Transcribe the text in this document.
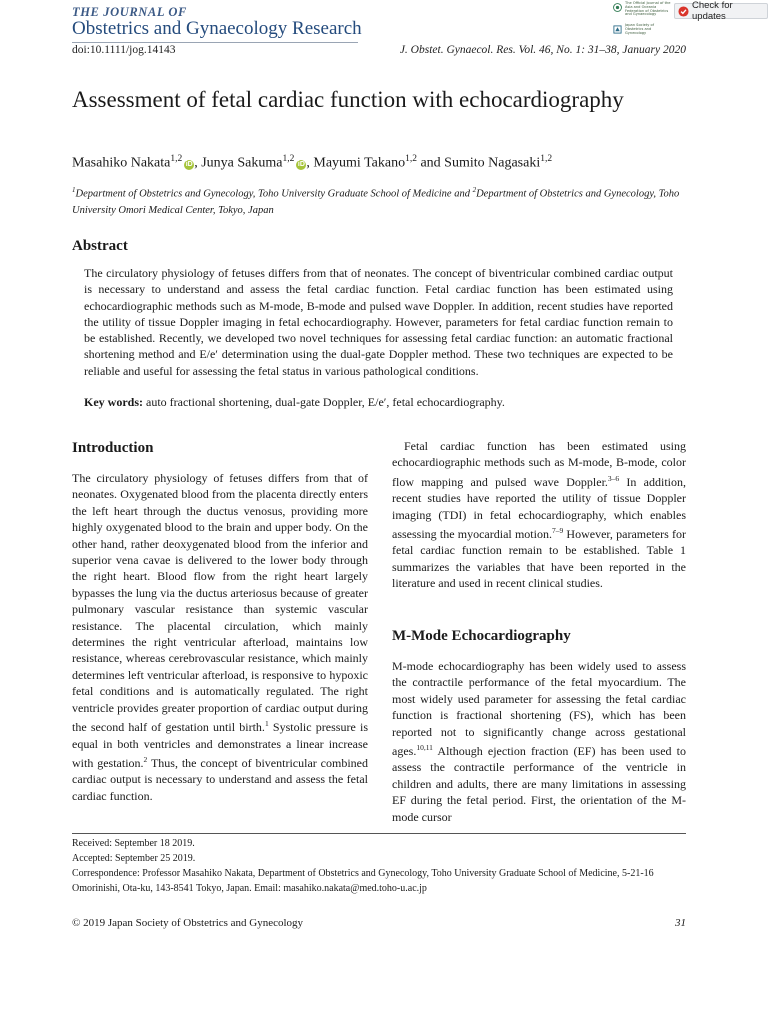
THE JOURNAL OF
Obstetrics and Gynaecology Research
The Official Journal of the Asia and Oceania Federation of Obstetrics and Gynaecology
Japan Society of Obstetrics and Gynecology
Check for updates
doi:10.1111/jog.14143	J. Obstet. Gynaecol. Res. Vol. 46, No. 1: 31–38, January 2020
Assessment of fetal cardiac function with echocardiography
Masahiko Nakata$^{1,2}$iD , Junya Sakuma$^{1,2}$iD , Mayumi Takano$^{1,2}$ and Sumito Nagasaki$^{1,2}$
$^1$Department of Obstetrics and Gynecology, Toho University Graduate School of Medicine and $^2$Department of Obstetrics and Gynecology, Toho University Omori Medical Center, Tokyo, Japan
Abstract
The circulatory physiology of fetuses differs from that of neonates. The concept of biventricular combined cardiac output is necessary to understand and assess the fetal cardiac function. Fetal cardiac function has been estimated using echocardiographic methods such as M-mode, B-mode and pulsed wave Doppler. In addition, recent studies have reported the utility of tissue Doppler imaging in fetal echocardiography. However, parameters for fetal cardiac function remain to be established. Recently, we developed two novel techniques for assessing fetal cardiac function: an automatic fractional shortening method and E/e′ determination using the dual-gate Doppler method. These two techniques are expected to be reliable and useful for assessing the fetal status in various pathological conditions.
Key words: auto fractional shortening, dual-gate Doppler, E/e′, fetal echocardiography.
Introduction
The circulatory physiology of fetuses differs from that of neonates. Oxygenated blood from the placenta directly enters the left heart through the ductus venosus, providing more highly oxygenated blood to the brain and upper body. On the other hand, rather deoxygenated blood from the inferior and superior vena cavae is delivered to the lower body through the right heart. Blood flow from the right heart largely bypasses the lung via the ductus arteriosus because of greater pulmonary vascular resistance than systemic vascular resistance. The placental circulation, which mainly determines the right ventricular afterload, maintains low resistance, whereas cerebrovascular resistance, which mainly determines left ventricular afterload, is responsive to hypoxic fetal conditions and is automatically regulated. The right ventricle provides greater proportion of cardiac output during the second half of gestation until birth.$^1$ Systolic pressure is equal in both ventricles and demonstrates a linear increase with gestation.$^2$ Thus, the concept of biventricular combined cardiac output is necessary to understand and assess the fetal cardiac function.
Fetal cardiac function has been estimated using echocardiographic methods such as M-mode, B-mode, color flow mapping and pulsed wave Doppler.$^{3-6}$ In addition, recent studies have reported the utility of tissue Doppler imaging (TDI) in fetal echocardiography, which enables assessing the myocardial motion.$^{7-9}$ However, parameters for fetal cardiac function remain to be established. Table 1 summarizes the variables that have been reported in the literature and used in recent clinical studies.
M-Mode Echocardiography
M-mode echocardiography has been widely used to assess the contractile performance of the fetal myocardium. The most widely used parameter for assessing the fetal cardiac function is fractional shortening (FS), which has been reported not to significantly change across gestational ages.$^{10,11}$ Although ejection fraction (EF) has been used to assess the contractile performance of the ventricle in children and adults, there are many limitations in assessing EF during the fetal period. First, the orientation of the M-mode cursor
Received: September 18 2019.
Accepted: September 25 2019.
Correspondence: Professor Masahiko Nakata, Department of Obstetrics and Gynecology, Toho University Graduate School of Medicine, 5-21-16 Omorinishi, Ota-ku, 143-8541 Tokyo, Japan. Email: masahiko.nakata@med.toho-u.ac.jp
© 2019 Japan Society of Obstetrics and Gynecology	31
